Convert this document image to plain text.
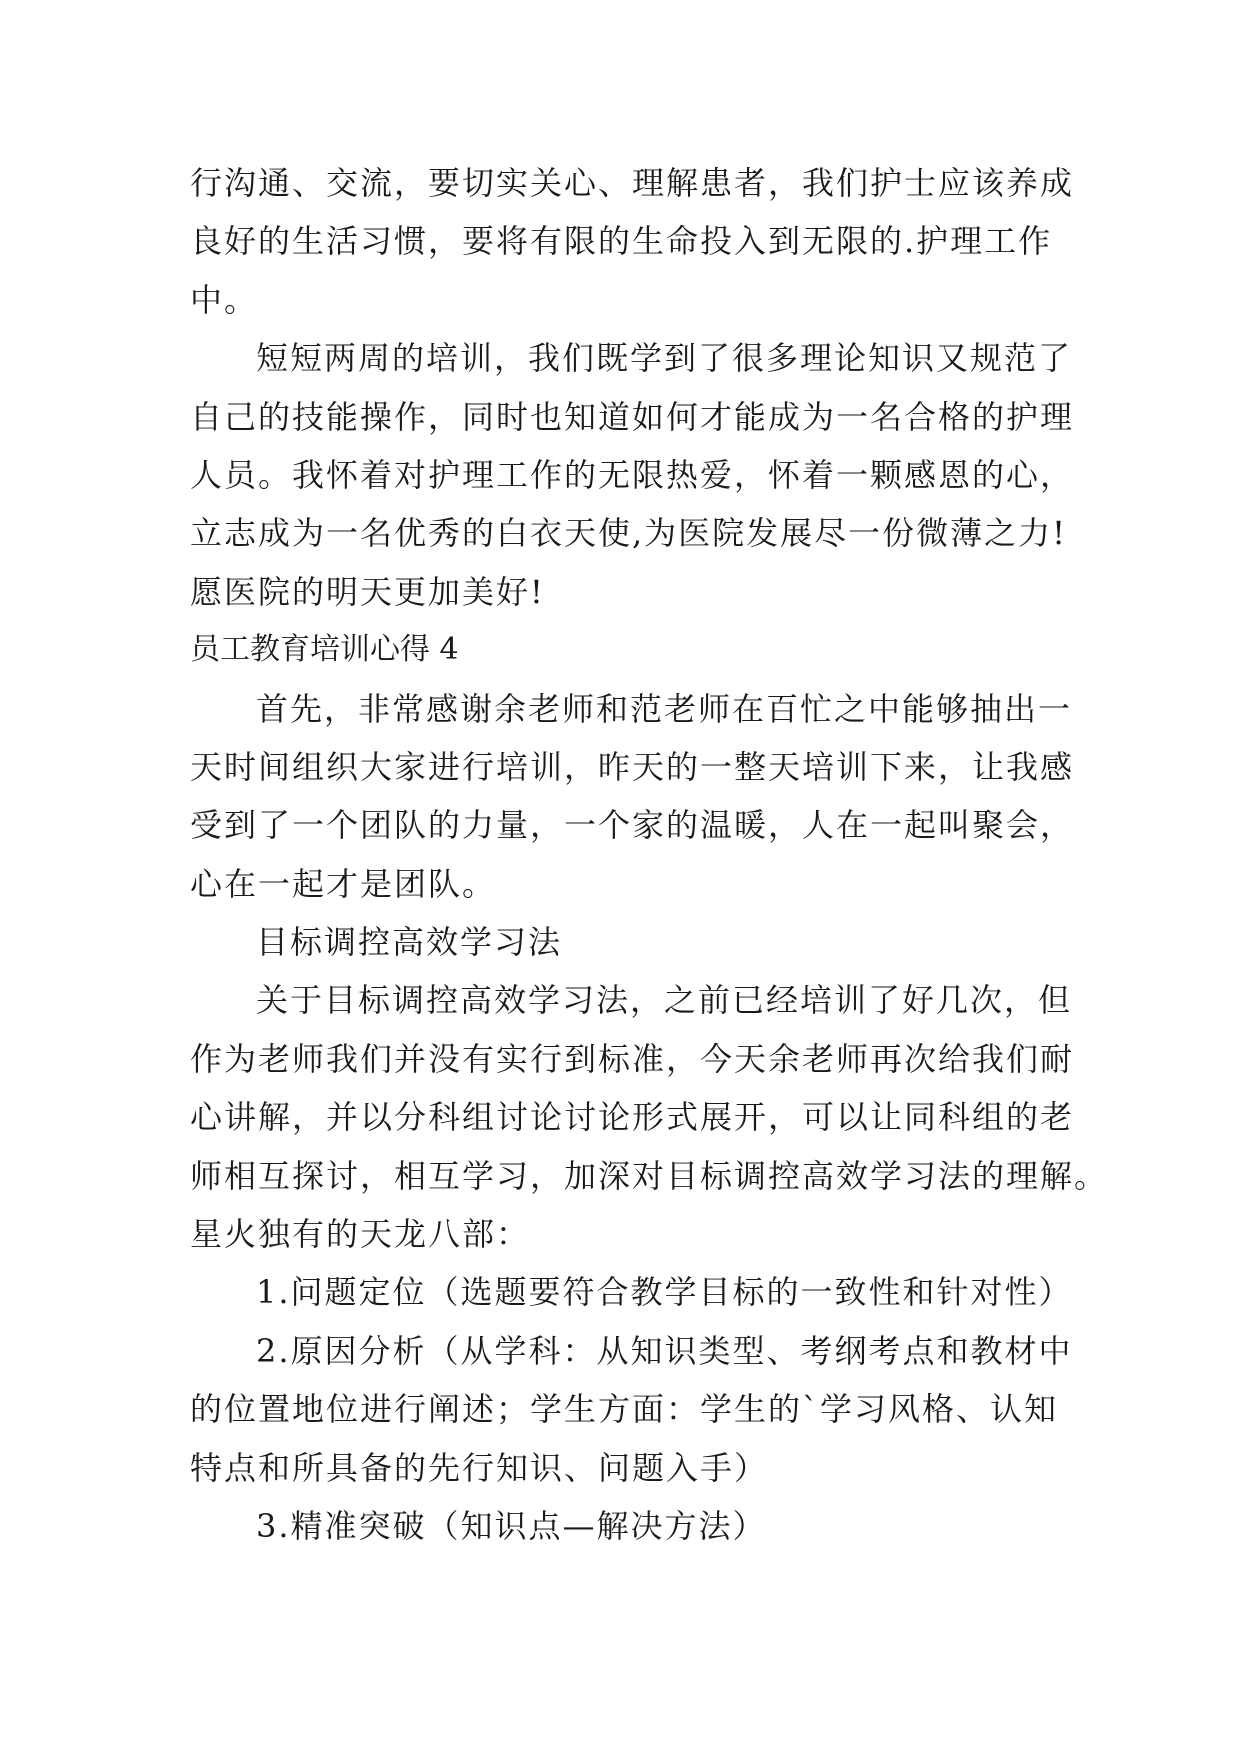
行沟通、交流，要切实关心、理解患者，我们护士应该养成
良好的生活习惯，要将有限的生命投入到无限的.护理工作
中。
短短两周的培训，我们既学到了很多理论知识又规范了
自己的技能操作，同时也知道如何才能成为一名合格的护理
人员。我怀着对护理工作的无限热爱，怀着一颗感恩的心，
立志成为一名优秀的白衣天使,为医院发展尽一份微薄之力!
愿医院的明天更加美好!
员工教育培训心得 4
首先，非常感谢余老师和范老师在百忙之中能够抽出一
天时间组织大家进行培训，昨天的一整天培训下来，让我感
受到了一个团队的力量，一个家的温暖，人在一起叫聚会，
心在一起才是团队。
目标调控高效学习法
关于目标调控高效学习法，之前已经培训了好几次，但
作为老师我们并没有实行到标准，今天余老师再次给我们耐
心讲解，并以分科组讨论讨论形式展开，可以让同科组的老
师相互探讨，相互学习，加深对目标调控高效学习法的理解。
星火独有的天龙八部：
1.问题定位（选题要符合教学目标的一致性和针对性）
2.原因分析（从学科：从知识类型、考纲考点和教材中
的位置地位进行阐述；学生方面：学生的`学习风格、认知
特点和所具备的先行知识、问题入手）
3.精准突破（知识点—解决方法）
